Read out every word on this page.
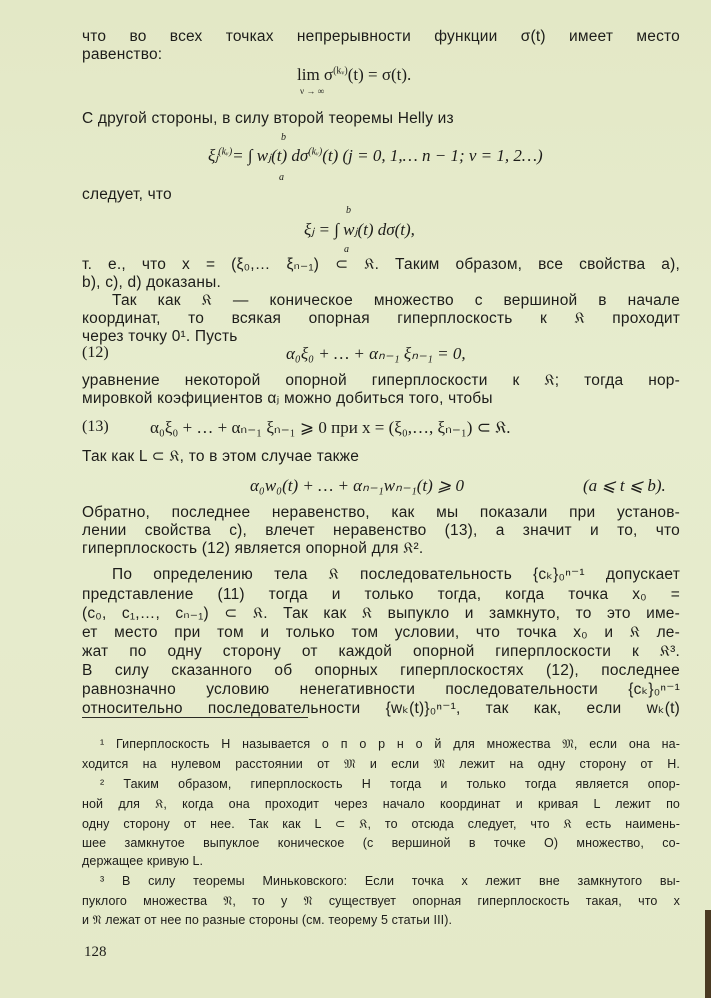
что во всех точках непрерывности функции σ(t) имеет место
равенство:
$\lim \sigma^{(kᵥ)}(t) = \sigma(t)$.
ν → ∞
С другой стороны, в силу второй теоремы Helly из
b
ξⱼ$^{(kᵥ)}$= ∫ wⱼ(t) $d\sigma^{(kᵥ)}(t) (j = 0$, 1,… n − 1; ν = 1, 2…)
a
следует, что
b
ξⱼ = ∫ wⱼ(t) dσ(t),
a
т. е., что x = (ξ₀,… ξₙ₋₁) ⊂ 𝔎. Таким образом, все свойства a),
b), c), d) доказаны.
Так как 𝔎 — коническое множество с вершиной в начале
координат, то всякая опорная гиперплоскость к 𝔎 проходит
через точку 0¹. Пусть
(12)	α₀ξ₀ + … + αₙ₋₁ ξₙ₋₁ = 0,
уравнение некоторой опорной гиперплоскости к 𝔎; тогда нор-
мировкой коэфициентов αⱼ можно добиться того, чтобы
(13) α₀ξ₀ + … + αₙ₋₁ ξₙ₋₁ ⩾ 0 при x = (ξ₀,…, ξₙ₋₁) ⊂ 𝔎.
Так как L ⊂ 𝔎, то в этом случае также
α₀w₀(t) + … + αₙ₋₁wₙ₋₁(t) ⩾ 0	(a ⩽ t ⩽ b).
Обратно, последнее неравенство, как мы показали при установ-
лении свойства c), влечет неравенство (13), а значит и то, что
гиперплоскость (12) является опорной для 𝔎².
По определению тела 𝔎 последовательность {cₖ}₀ⁿ⁻¹ допускает
представление (11) тогда и только тогда, когда точка x₀ =
(c₀, c₁,…, cₙ₋₁) ⊂ 𝔎. Так как 𝔎 выпукло и замкнуто, то это име-
ет место при том и только том условии, что точка x₀ и 𝔎 ле-
жат по одну сторону от каждой опорной гиперплоскости к 𝔎³.
В силу сказанного об опорных гиперплоскостях (12), последнее
равнозначно условию ненегативности последовательности {cₖ}₀ⁿ⁻¹
относительно последовательности {wₖ(t)}₀ⁿ⁻¹, так как, если wₖ(t)
¹ Гиперплоскость H называется о п о р н о й для множества 𝔐, если она на-
ходится на нулевом расстоянии от 𝔐 и если 𝔐 лежит на одну сторону от H.
² Таким образом, гиперплоскость H тогда и только тогда является опор-
ной для 𝔎, когда она проходит через начало координат и кривая L лежит по
одну сторону от нее. Так как L ⊂ 𝔎, то отсюда следует, что 𝔎 есть наимень-
шее замкнутое выпуклое коническое (с вершиной в точке O) множество, со-
держащее кривую L.
³ В силу теоремы Миньковского: Если точка x лежит вне замкнутого вы-
пуклого множества 𝔑, то у 𝔑 существует опорная гиперплоскость такая, что x
и 𝔑 лежат от нее по разные стороны (см. теорему 5 статьи III).
128
